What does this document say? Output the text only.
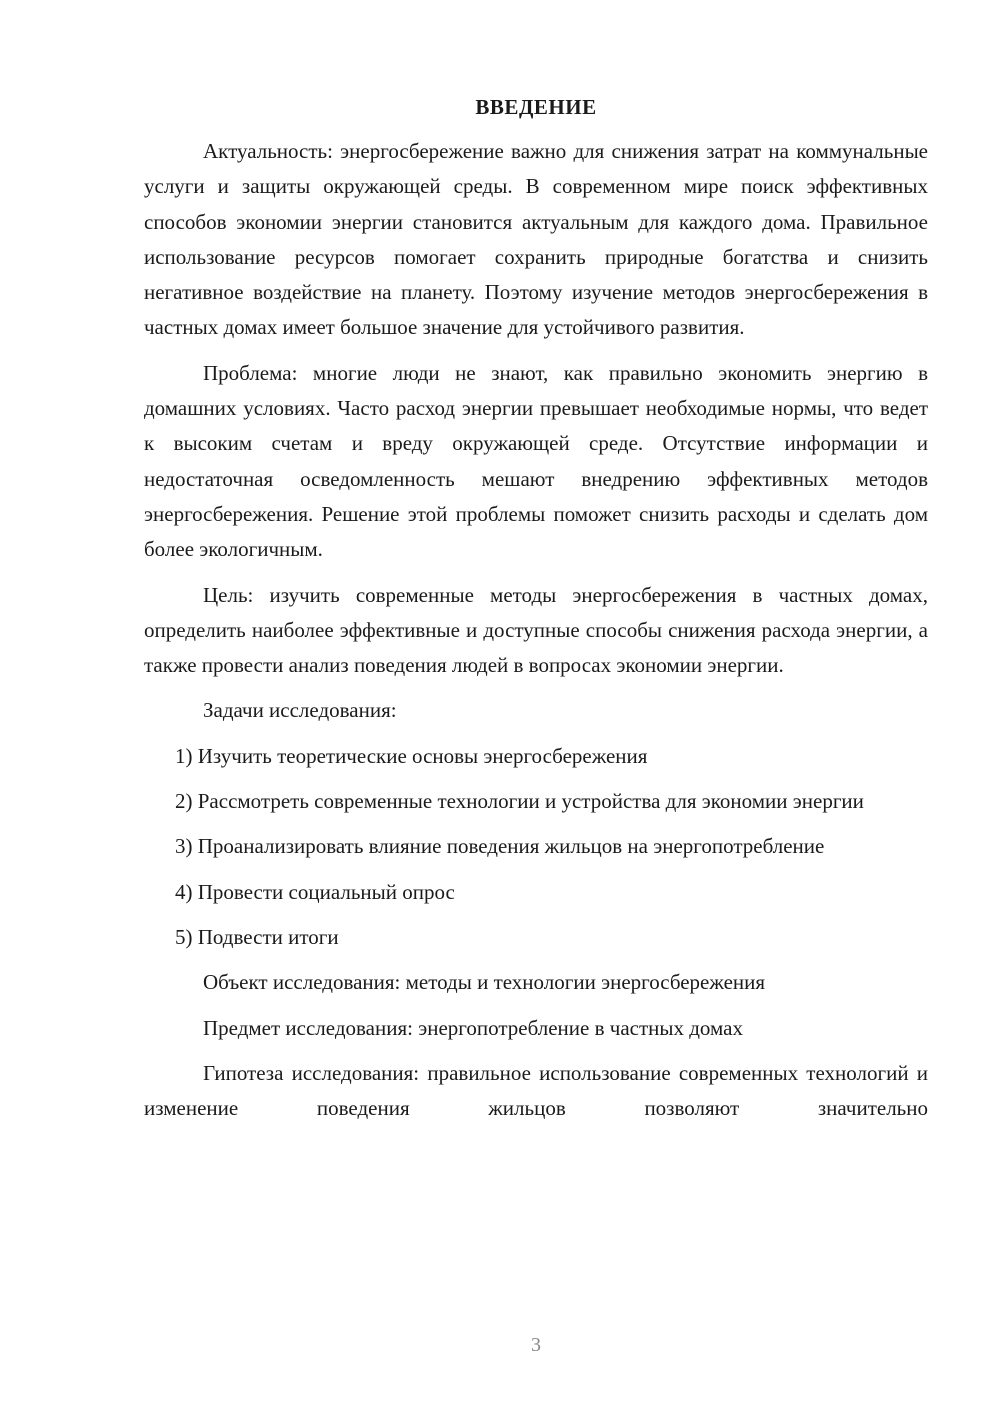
ВВЕДЕНИЕ

Актуальность: энергосбережение важно для снижения затрат на коммунальные услуги и защиты окружающей среды. В современном мире поиск эффективных способов экономии энергии становится актуальным для каждого дома. Правильное использование ресурсов помогает сохранить природные богатства и снизить негативное воздействие на планету. Поэтому изучение методов энергосбережения в частных домах имеет большое значение для устойчивого развития.

Проблема: многие люди не знают, как правильно экономить энергию в домашних условиях. Часто расход энергии превышает необходимые нормы, что ведет к высоким счетам и вреду окружающей среде. Отсутствие информации и недостаточная осведомленность мешают внедрению эффективных методов энергосбережения. Решение этой проблемы поможет снизить расходы и сделать дом более экологичным.

Цель: изучить современные методы энергосбережения в частных домах, определить наиболее эффективные и доступные способы снижения расхода энергии, а также провести анализ поведения людей в вопросах экономии энергии.

Задачи исследования:

1) Изучить теоретические основы энергосбережения

2) Рассмотреть современные технологии и устройства для экономии энергии

3) Проанализировать влияние поведения жильцов на энергопотребление

4) Провести социальный опрос

5) Подвести итоги

Объект исследования: методы и технологии энергосбережения

Предмет исследования: энергопотребление в частных домах

Гипотеза исследования: правильное использование современных технологий и изменение поведения жильцов позволяют значительно

3
